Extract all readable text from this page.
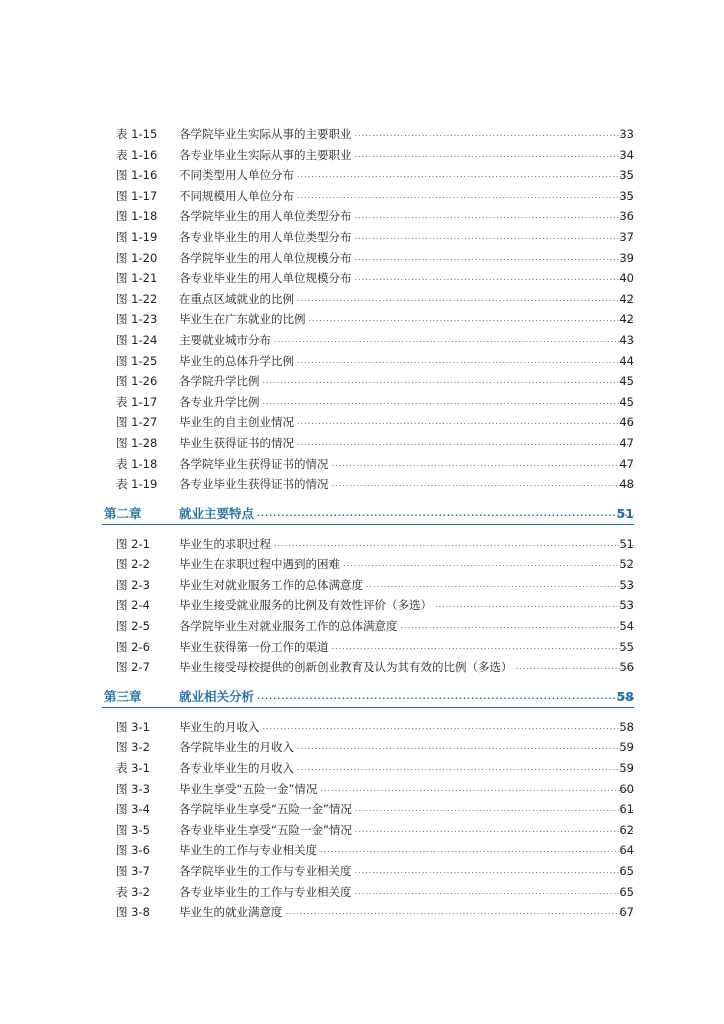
表 1-15 各学院毕业生实际从事的主要职业 .....	33
表 1-16 各专业毕业生实际从事的主要职业 .....	34
图 1-16 不同类型用人单位分布 .....	35
图 1-17 不同规模用人单位分布 .....	35
图 1-18 各学院毕业生的用人单位类型分布 .....	36
图 1-19 各专业毕业生的用人单位类型分布 .....	37
图 1-20 各学院毕业生的用人单位规模分布 .....	39
图 1-21 各专业毕业生的用人单位规模分布 .....	40
图 1-22 在重点区域就业的比例 .....	42
图 1-23 毕业生在广东就业的比例 .....	42
图 1-24 主要就业城市分布 .....	43
图 1-25 毕业生的总体升学比例 .....	44
图 1-26 各学院升学比例 .....	45
表 1-17 各专业升学比例 .....	45
图 1-27 毕业生的自主创业情况 .....	46
图 1-28 毕业生获得证书的情况 .....	47
表 1-18 各学院毕业生获得证书的情况 .....	47
表 1-19 各专业毕业生获得证书的情况 .....	48
第二章	就业主要特点 .....	51
图 2-1	毕业生的求职过程 .....	51
图 2-2	毕业生在求职过程中遇到的困难 .....	52
图 2-3	毕业生对就业服务工作的总体满意度 .....	53
图 2-4	毕业生接受就业服务的比例及有效性评价（多选） .....	53
图 2-5	各学院毕业生对就业服务工作的总体满意度 .....	54
图 2-6	毕业生获得第一份工作的渠道 .....	55
图 2-7	毕业生接受母校提供的创新创业教育及认为其有效的比例（多选） .....	56
第三章	就业相关分析 .....	58
图 3-1	毕业生的月收入 .....	58
图 3-2	各学院毕业生的月收入 .....	59
表 3-1	各专业毕业生的月收入 .....	59
图 3-3	毕业生享受“五险一金”情况 .....	60
图 3-4	各学院毕业生享受“五险一金”情况 .....	61
图 3-5	各专业毕业生享受“五险一金”情况 .....	62
图 3-6	毕业生的工作与专业相关度 .....	64
图 3-7	各学院毕业生的工作与专业相关度 .....	65
表 3-2	各专业毕业生的工作与专业相关度 .....	65
图 3-8	毕业生的就业满意度 .....	67
